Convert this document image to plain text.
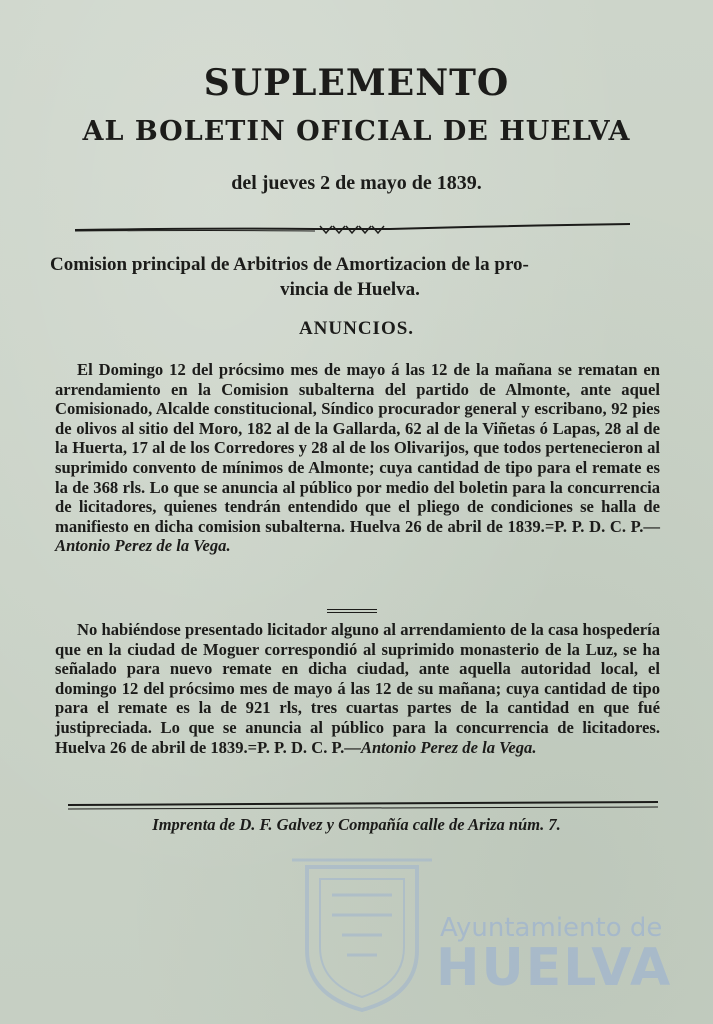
SUPLEMENTO
AL BOLETIN OFICIAL DE HUELVA
del jueves 2 de mayo de 1839.
Comision principal de Arbitrios de Amortizacion de la pro-
vincia de Huelva.
ANUNCIOS.

El Domingo 12 del prócsimo mes de mayo á las 12 de la mañana se rematan en arrendamiento en la Comision subalterna del partido de Almonte, ante aquel Comisionado, Alcalde constitucional, Síndico procurador general y escribano, 92 pies de olivos al sitio del Moro, 182 al de la Gallarda, 62 al de la Viñetas ó Lapas, 28 al de la Huerta, 17 al de los Corredores y 28 al de los Olivarijos, que todos pertenecieron al suprimido convento de mínimos de Almonte; cuya cantidad de tipo para el remate es la de 368 rls. Lo que se anuncia al público por medio del boletin para la concurrencia de licitadores, quienes tendrán entendido que el pliego de condiciones se halla de manifiesto en dicha comision subalterna. Huelva 26 de abril de 1839.=P. P. D. C. P.—Antonio Perez de la Vega.

No habiéndose presentado licitador alguno al arrendamiento de la casa hospedería que en la ciudad de Moguer correspondió al suprimido monasterio de la Luz, se ha señalado para nuevo remate en dicha ciudad, ante aquella autoridad local, el domingo 12 del prócsimo mes de mayo á las 12 de su mañana; cuya cantidad de tipo para el remate es la de 921 rls, tres cuartas partes de la cantidad en que fué justipreciada. Lo que se anuncia al público para la concurrencia de licitadores. Huelva 26 de abril de 1839.=P. P. D. C. P.—Antonio Perez de la Vega.

Imprenta de D. F. Galvez y Compañía calle de Ariza núm. 7.
Ayuntamiento de
HUELVA
